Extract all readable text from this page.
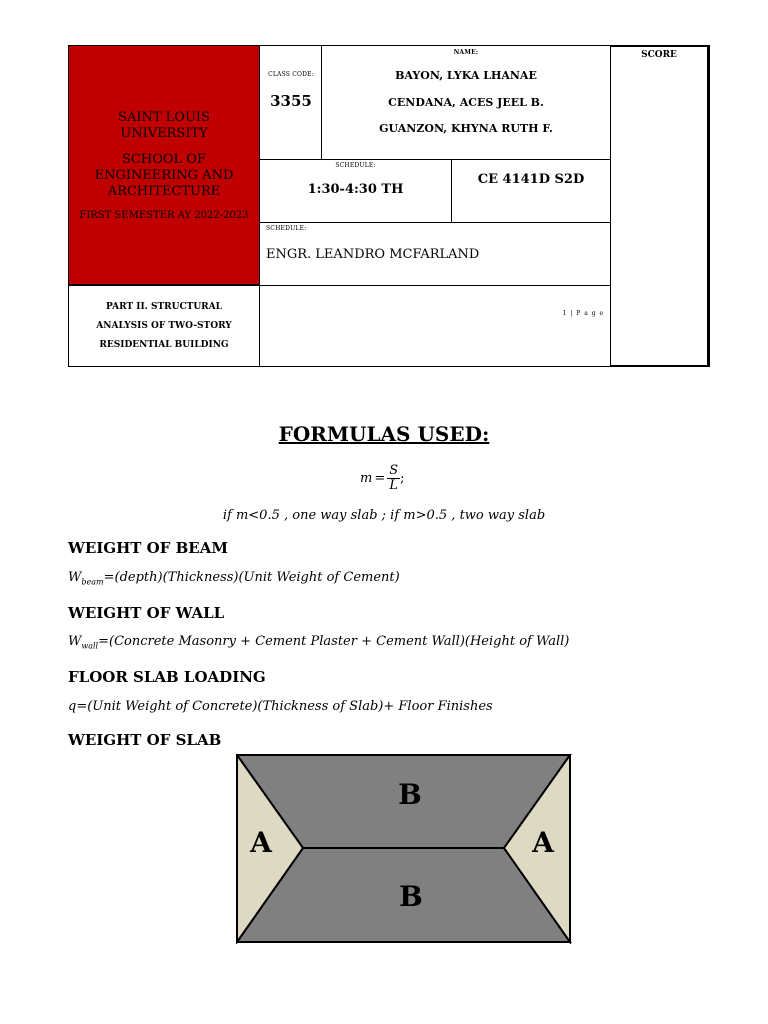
SAINT LOUIS UNIVERSITY
SCHOOL OF ENGINEERING AND ARCHITECTURE
FIRST SEMESTER AY 2022-2023
CLASS CODE:
3355
NAME:
BAYON, LYKA LHANAE
CENDANA, ACES JEEL B.
GUANZON, KHYNA RUTH F.
SCORE
SCHEDULE:
1:30-4:30 TH
CE 4141D S2D
SCHEDULE:
ENGR. LEANDRO MCFARLAND
PART II. STRUCTURAL ANALYSIS OF TWO-STORY RESIDENTIAL BUILDING
1 | P a g e
FORMULAS USED:
$m = \frac{S}{L}$ ;
if m<0.5 , one way slab ; if m>0.5 , two way slab
WEIGHT OF BEAM
$W_{beam}=(depth)(Thickness)(Unit$ Weight of Cement)
WEIGHT OF WALL
$W_{wall}=(Concrete$ Masonry + Cement Plaster + Cement Wall)(Height of Wall)
FLOOR SLAB LOADING
q=(Unit Weight of Concrete)(Thickness of Slab)+ Floor Finishes
WEIGHT OF SLAB
B
B
A	A
